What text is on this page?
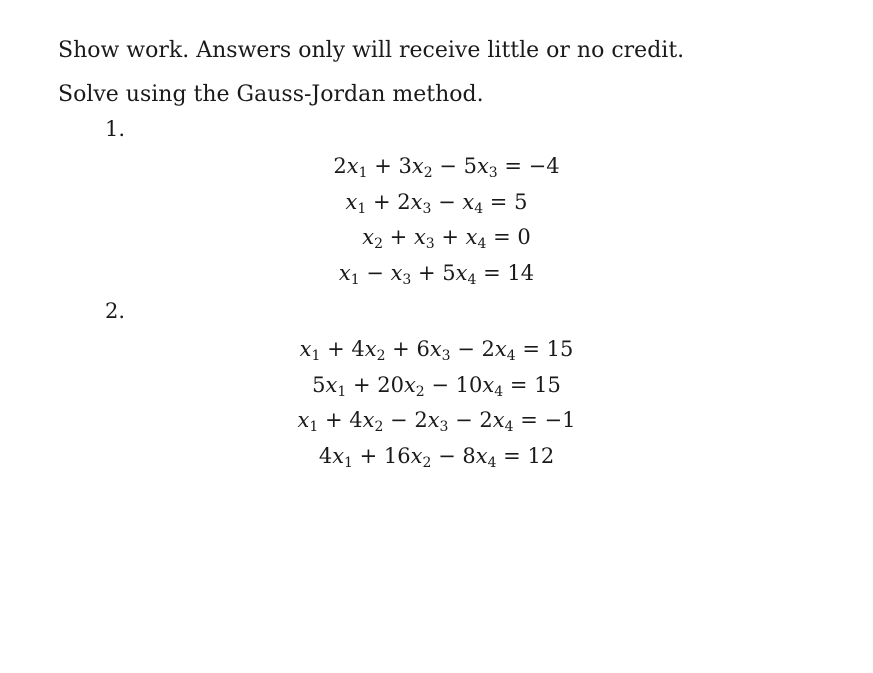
Show work. Answers only will receive little or no credit.
Solve using the Gauss-Jordan method.
1.
$2x_1 + 3x_2 - 5x_3 = -4$
$x_1 + 2x_3 - x_4 = 5$
$x_2 + x_3 + x_4 = 0$
$x_1 - x_3 + 5x_4 = 14$
2.
$x_1 + 4x_2 + 6x_3 - 2x_4 = 15$
$5x_1 + 20x_2 - 10x_4 = 15$
$x_1 + 4x_2 - 2x_3 - 2x_4 = -1$
$4x_1 + 16x_2 - 8x_4 = 12$
